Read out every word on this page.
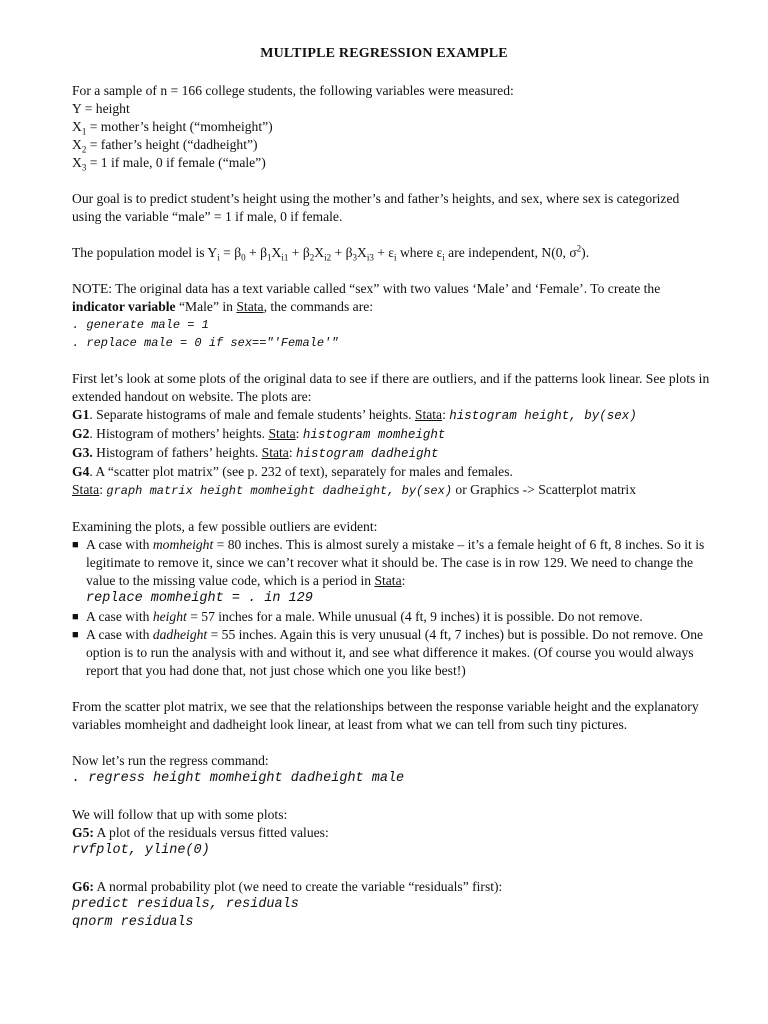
MULTIPLE REGRESSION EXAMPLE
For a sample of n = 166 college students, the following variables were measured:
Y = height
$X_1$ = mother’s height (“momheight”)
$X_2$ = father’s height (“dadheight”)
$X_3 = 1$ if male, 0 if female (“male”)

Our goal is to predict student’s height using the mother’s and father’s heights, and sex, where sex is categorized using the variable “male” = 1 if male, 0 if female.

The population model is $Y_i = \beta_0 + \beta_1X_{i1} + \beta_2X_{i2} + \beta_3X_{i3} + \varepsilon_i$ where $\varepsilon_i$ are independent, N(0, $\sigma^2$).

NOTE: The original data has a text variable called “sex” with two values ‘Male’ and ‘Female’. To create the indicator variable “Male” in Stata, the commands are:

. generate male = 1
. replace male = 0 if sex=="'Female'"

First let’s look at some plots of the original data to see if there are outliers, and if the patterns look linear. See plots in extended handout on website. The plots are:

G1. Separate histograms of male and female students’ heights. Stata: histogram height, by(sex)
G2. Histogram of mothers’ heights. Stata: histogram momheight
G3. Histogram of fathers’ heights. Stata: histogram dadheight
G4. A “scatter plot matrix” (see p. 232 of text), separately for males and females.
Stata: graph matrix height momheight dadheight, by(sex) or Graphics -> Scatterplot matrix
Examining the plots, a few possible outliers are evident:
■ A case with momheight = 80 inches. This is almost surely a mistake – it’s a female height of 6 ft, 8 inches. So it is legitimate to remove it, since we can’t recover what it should be. The case is in row 129. We need to change the value to the missing value code, which is a period in Stata:
replace momheight = . in 129
■ A case with height = 57 inches for a male. While unusual (4 ft, 9 inches) it is possible. Do not remove.
■ A case with dadheight = 55 inches. Again this is very unusual (4 ft, 7 inches) but is possible. Do not remove. One option is to run the analysis with and without it, and see what difference it makes. (Of course you would always report that you had done that, not just chose which one you like best!)

From the scatter plot matrix, we see that the relationships between the response variable height and the explanatory variables momheight and dadheight look linear, at least from what we can tell from such tiny pictures.

Now let’s run the regress command:
. regress height momheight dadheight male
We will follow that up with some plots:
G5: A plot of the residuals versus fitted values:
rvfplot, yline(0)
G6: A normal probability plot (we need to create the variable “residuals” first):
predict residuals, residuals
qnorm residuals
